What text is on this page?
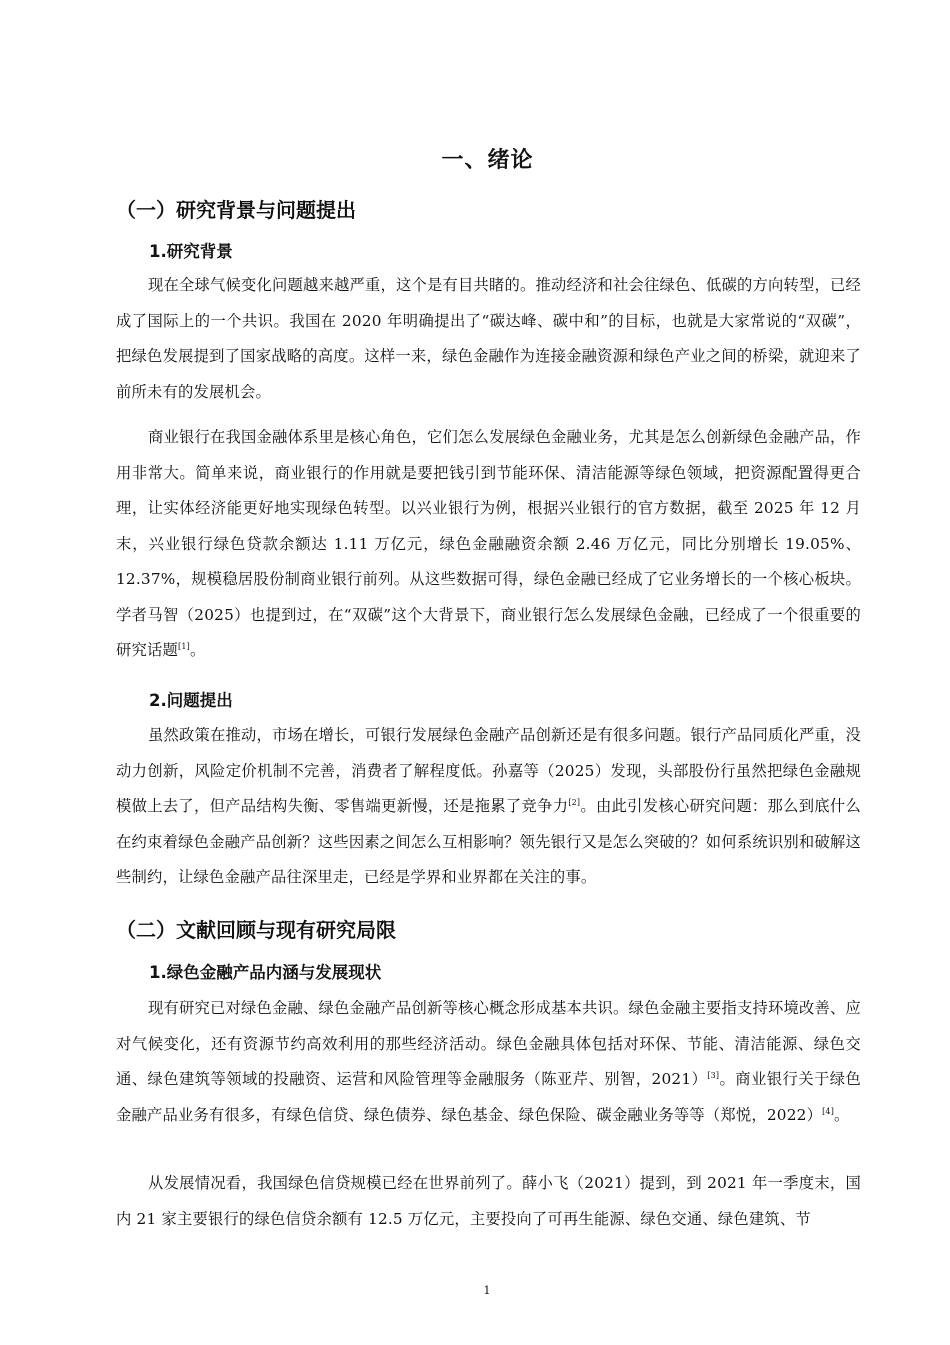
一、绪论
（一）研究背景与问题提出
1.研究背景

现在全球气候变化问题越来越严重，这个是有目共睹的。推动经济和社会往绿色、低碳的方向转型，已经成了国际上的一个共识。我国在 2020 年明确提出了“碳达峰、碳中和”的目标，也就是大家常说的“双碳”，把绿色发展提到了国家战略的高度。这样一来，绿色金融作为连接金融资源和绿色产业之间的桥梁，就迎来了前所未有的发展机会。

商业银行在我国金融体系里是核心角色，它们怎么发展绿色金融业务，尤其是怎么创新绿色金融产品，作用非常大。简单来说，商业银行的作用就是要把钱引到节能环保、清洁能源等绿色领域，把资源配置得更合理，让实体经济能更好地实现绿色转型。以兴业银行为例，根据兴业银行的官方数据，截至 2025 年 12 月末，兴业银行绿色贷款余额达 1.11 万亿元，绿色金融融资余额 2.46 万亿元，同比分别增长 19.05%、12.37%，规模稳居股份制商业银行前列。从这些数据可得，绿色金融已经成了它业务增长的一个核心板块。学者马智（2025）也提到过，在“双碳”这个大背景下，商业银行怎么发展绿色金融，已经成了一个很重要的研究话题[1]。

2.问题提出

虽然政策在推动，市场在增长，可银行发展绿色金融产品创新还是有很多问题。银行产品同质化严重，没动力创新，风险定价机制不完善，消费者了解程度低。孙嘉等（2025）发现，头部股份行虽然把绿色金融规模做上去了，但产品结构失衡、零售端更新慢，还是拖累了竞争力[2]。由此引发核心研究问题：那么到底什么在约束着绿色金融产品创新？这些因素之间怎么互相影响？领先银行又是怎么突破的？如何系统识别和破解这些制约，让绿色金融产品往深里走，已经是学界和业界都在关注的事。

（二）文献回顾与现有研究局限
1.绿色金融产品内涵与发展现状

现有研究已对绿色金融、绿色金融产品创新等核心概念形成基本共识。绿色金融主要指支持环境改善、应对气候变化，还有资源节约高效利用的那些经济活动。绿色金融具体包括对环保、节能、清洁能源、绿色交通、绿色建筑等领域的投融资、运营和风险管理等金融服务（陈亚芹、别智，2021）[3]。商业银行关于绿色金融产品业务有很多，有绿色信贷、绿色债券、绿色基金、绿色保险、碳金融业务等等（郑悦，2022）[4]。

从发展情况看，我国绿色信贷规模已经在世界前列了。薛小飞（2021）提到，到 2021 年一季度末，国内 21 家主要银行的绿色信贷余额有 12.5 万亿元，主要投向了可再生能源、绿色交通、绿色建筑、节

1
